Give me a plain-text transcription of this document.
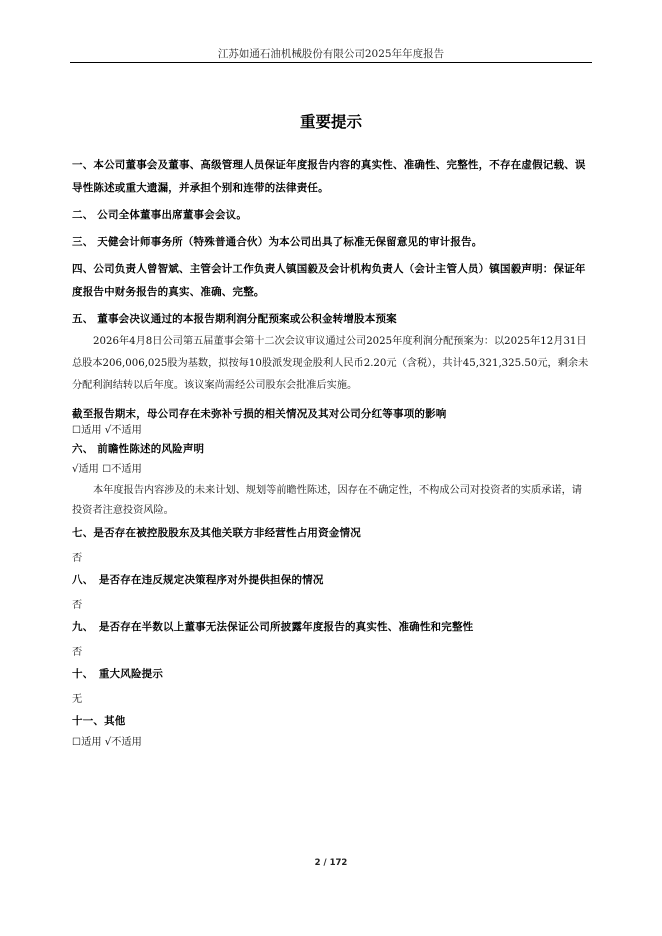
江苏如通石油机械股份有限公司2025年年度报告
重要提示
一、本公司董事会及董事、高级管理人员保证年度报告内容的真实性、准确性、完整性，不存在虚假记载、误导性陈述或重大遗漏，并承担个别和连带的法律责任。
二、 公司全体董事出席董事会会议。
三、 天健会计师事务所（特殊普通合伙）为本公司出具了标准无保留意见的审计报告。
四、公司负责人曾智斌、主管会计工作负责人镇国毅及会计机构负责人（会计主管人员）镇国毅声明：保证年度报告中财务报告的真实、准确、完整。
五、 董事会决议通过的本报告期利润分配预案或公积金转增股本预案
2026年4月8日公司第五届董事会第十二次会议审议通过公司2025年度利润分配预案为：以2025年12月31日总股本206,006,025股为基数，拟按每10股派发现金股利人民币2.20元（含税），共计45,321,325.50元，剩余未分配利润结转以后年度。该议案尚需经公司股东会批准后实施。
截至报告期末，母公司存在未弥补亏损的相关情况及其对公司分红等事项的影响
☐适用 √不适用
六、 前瞻性陈述的风险声明
√适用 ☐不适用
本年度报告内容涉及的未来计划、规划等前瞻性陈述，因存在不确定性，不构成公司对投资者的实质承诺，请投资者注意投资风险。
七、是否存在被控股股东及其他关联方非经营性占用资金情况
否
八、　是否存在违反规定决策程序对外提供担保的情况
否
九、　是否存在半数以上董事无法保证公司所披露年度报告的真实性、准确性和完整性
否
十、　重大风险提示
无
十一、其他
☐适用 √不适用
2 / 172
